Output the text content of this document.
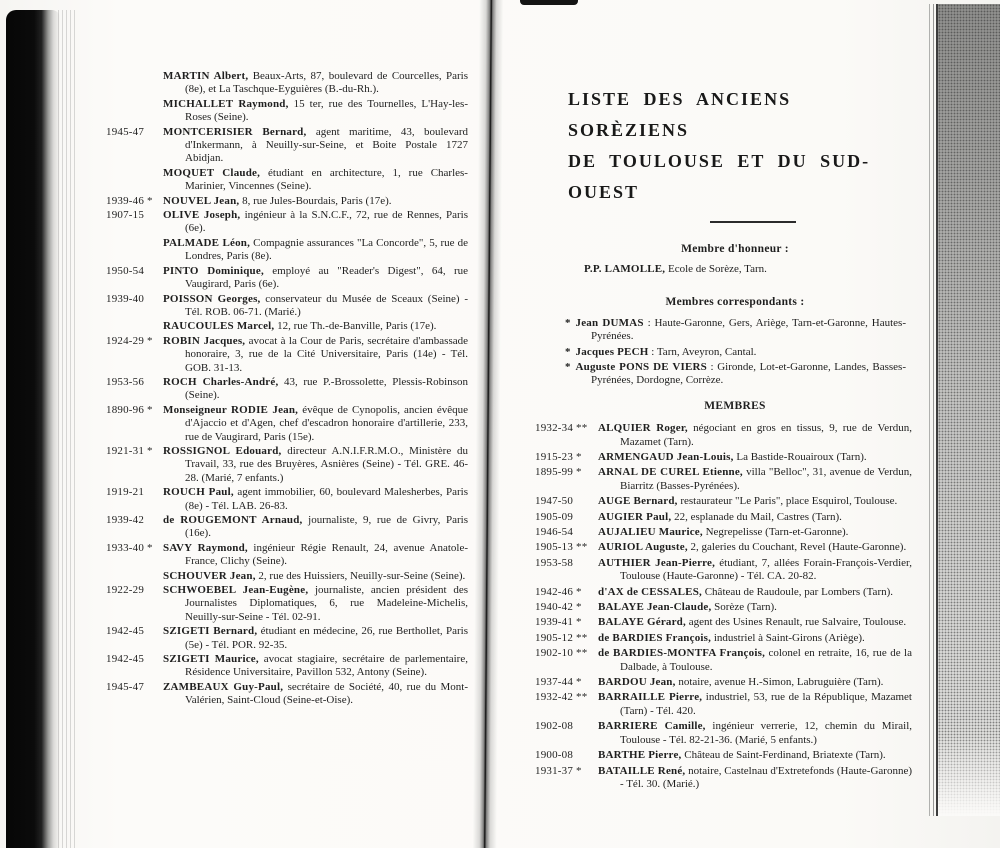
MARTIN Albert, Beaux-Arts, 87, boulevard de Courcelles, Paris (8e), et La Taschque-Eyguières (B.-du-Rh.).
MICHALLET Raymond, 15 ter, rue des Tournelles, L'Hay-les-Roses (Seine).
1945-47 MONTCERISIER Bernard, agent maritime, 43, boulevard d'Inkermann, à Neuilly-sur-Seine, et Boite Postale 1727 Abidjan.
MOQUET Claude, étudiant en architecture, 1, rue Charles-Marinier, Vincennes (Seine).
1939-46 * NOUVEL Jean, 8, rue Jules-Bourdais, Paris (17e).
1907-15 OLIVE Joseph, ingénieur à la S.N.C.F., 72, rue de Rennes, Paris (6e).
PALMADE Léon, Compagnie assurances "La Concorde", 5, rue de Londres, Paris (8e).
1950-54 PINTO Dominique, employé au "Reader's Digest", 64, rue Vaugirard, Paris (6e).
1939-40 POISSON Georges, conservateur du Musée de Sceaux (Seine) - Tél. ROB. 06-71. (Marié.)
RAUCOULES Marcel, 12, rue Th.-de-Banville, Paris (17e).
1924-29 * ROBIN Jacques, avocat à la Cour de Paris, secrétaire d'ambassade honoraire, 3, rue de la Cité Universitaire, Paris (14e) - Tél. GOB. 31-13.
1953-56 ROCH Charles-André, 43, rue P.-Brossolette, Plessis-Robinson (Seine).
1890-96 * Monseigneur RODIE Jean, évêque de Cynopolis, ancien évêque d'Ajaccio et d'Agen, chef d'escadron honoraire d'artillerie, 233, rue de Vaugirard, Paris (15e).
1921-31 * ROSSIGNOL Edouard, directeur A.N.I.F.R.M.O., Ministère du Travail, 33, rue des Bruyères, Asnières (Seine) - Tél. GRE. 46-28. (Marié, 7 enfants.)
1919-21 ROUCH Paul, agent immobilier, 60, boulevard Malesherbes, Paris (8e) - Tél. LAB. 26-83.
1939-42 de ROUGEMONT Arnaud, journaliste, 9, rue de Givry, Paris (16e).
1933-40 * SAVY Raymond, ingénieur Régie Renault, 24, avenue Anatole-France, Clichy (Seine).
SCHOUVER Jean, 2, rue des Huissiers, Neuilly-sur-Seine (Seine).
1922-29 SCHWOEBEL Jean-Eugène, journaliste, ancien président des Journalistes Diplomatiques, 6, rue Madeleine-Michelis, Neuilly-sur-Seine - Tél. 02-91.
1942-45 SZIGETI Bernard, étudiant en médecine, 26, rue Berthollet, Paris (5e) - Tél. POR. 92-35.
1942-45 SZIGETI Maurice, avocat stagiaire, secrétaire de parlementaire, Résidence Universitaire, Pavillon 532, Antony (Seine).
1945-47 ZAMBEAUX Guy-Paul, secrétaire de Société, 40, rue du Mont-Valérien, Saint-Cloud (Seine-et-Oise).
LISTE DES ANCIENS SORÈZIENS
DE TOULOUSE ET DU SUD-OUEST
Membre d'honneur :
P.P. LAMOLLE, Ecole de Sorèze, Tarn.
Membres correspondants :
* Jean DUMAS : Haute-Garonne, Gers, Ariège, Tarn-et-Garonne, Hautes-Pyrénées.
* Jacques PECH : Tarn, Aveyron, Cantal.
* Auguste PONS DE VIERS : Gironde, Lot-et-Garonne, Landes, Basses-Pyrénées, Dordogne, Corrèze.
MEMBRES
1932-34 ** ALQUIER Roger, négociant en gros en tissus, 9, rue de Verdun, Mazamet (Tarn).
1915-23 * ARMENGAUD Jean-Louis, La Bastide-Rouairoux (Tarn).
1895-99 * ARNAL DE CUREL Etienne, villa "Belloc", 31, avenue de Verdun, Biarritz (Basses-Pyrénées).
1947-50 AUGE Bernard, restaurateur "Le Paris", place Esquirol, Toulouse.
1905-09 AUGIER Paul, 22, esplanade du Mail, Castres (Tarn).
1946-54 AUJALIEU Maurice, Negrepelisse (Tarn-et-Garonne).
1905-13 ** AURIOL Auguste, 2, galeries du Couchant, Revel (Haute-Garonne).
1953-58 AUTHIER Jean-Pierre, étudiant, 7, allées Forain-François-Verdier, Toulouse (Haute-Garonne) - Tél. CA. 20-82.
1942-46 * d'AX de CESSALES, Château de Raudoule, par Lombers (Tarn).
1940-42 * BALAYE Jean-Claude, Sorèze (Tarn).
1939-41 * BALAYE Gérard, agent des Usines Renault, rue Salvaire, Toulouse.
1905-12 ** de BARDIES François, industriel à Saint-Girons (Ariège).
1902-10 ** de BARDIES-MONTFA François, colonel en retraite, 16, rue de la Dalbade, à Toulouse.
1937-44 * BARDOU Jean, notaire, avenue H.-Simon, Labruguière (Tarn).
1932-42 ** BARRAILLE Pierre, industriel, 53, rue de la République, Mazamet (Tarn) - Tél. 420.
1902-08 BARRIERE Camille, ingénieur verrerie, 12, chemin du Mirail, Toulouse - Tél. 82-21-36. (Marié, 5 enfants.)
1900-08 BARTHE Pierre, Château de Saint-Ferdinand, Briatexte (Tarn).
1931-37 * BATAILLE René, notaire, Castelnau d'Extretefonds (Haute-Garonne) - Tél. 30. (Marié.)
